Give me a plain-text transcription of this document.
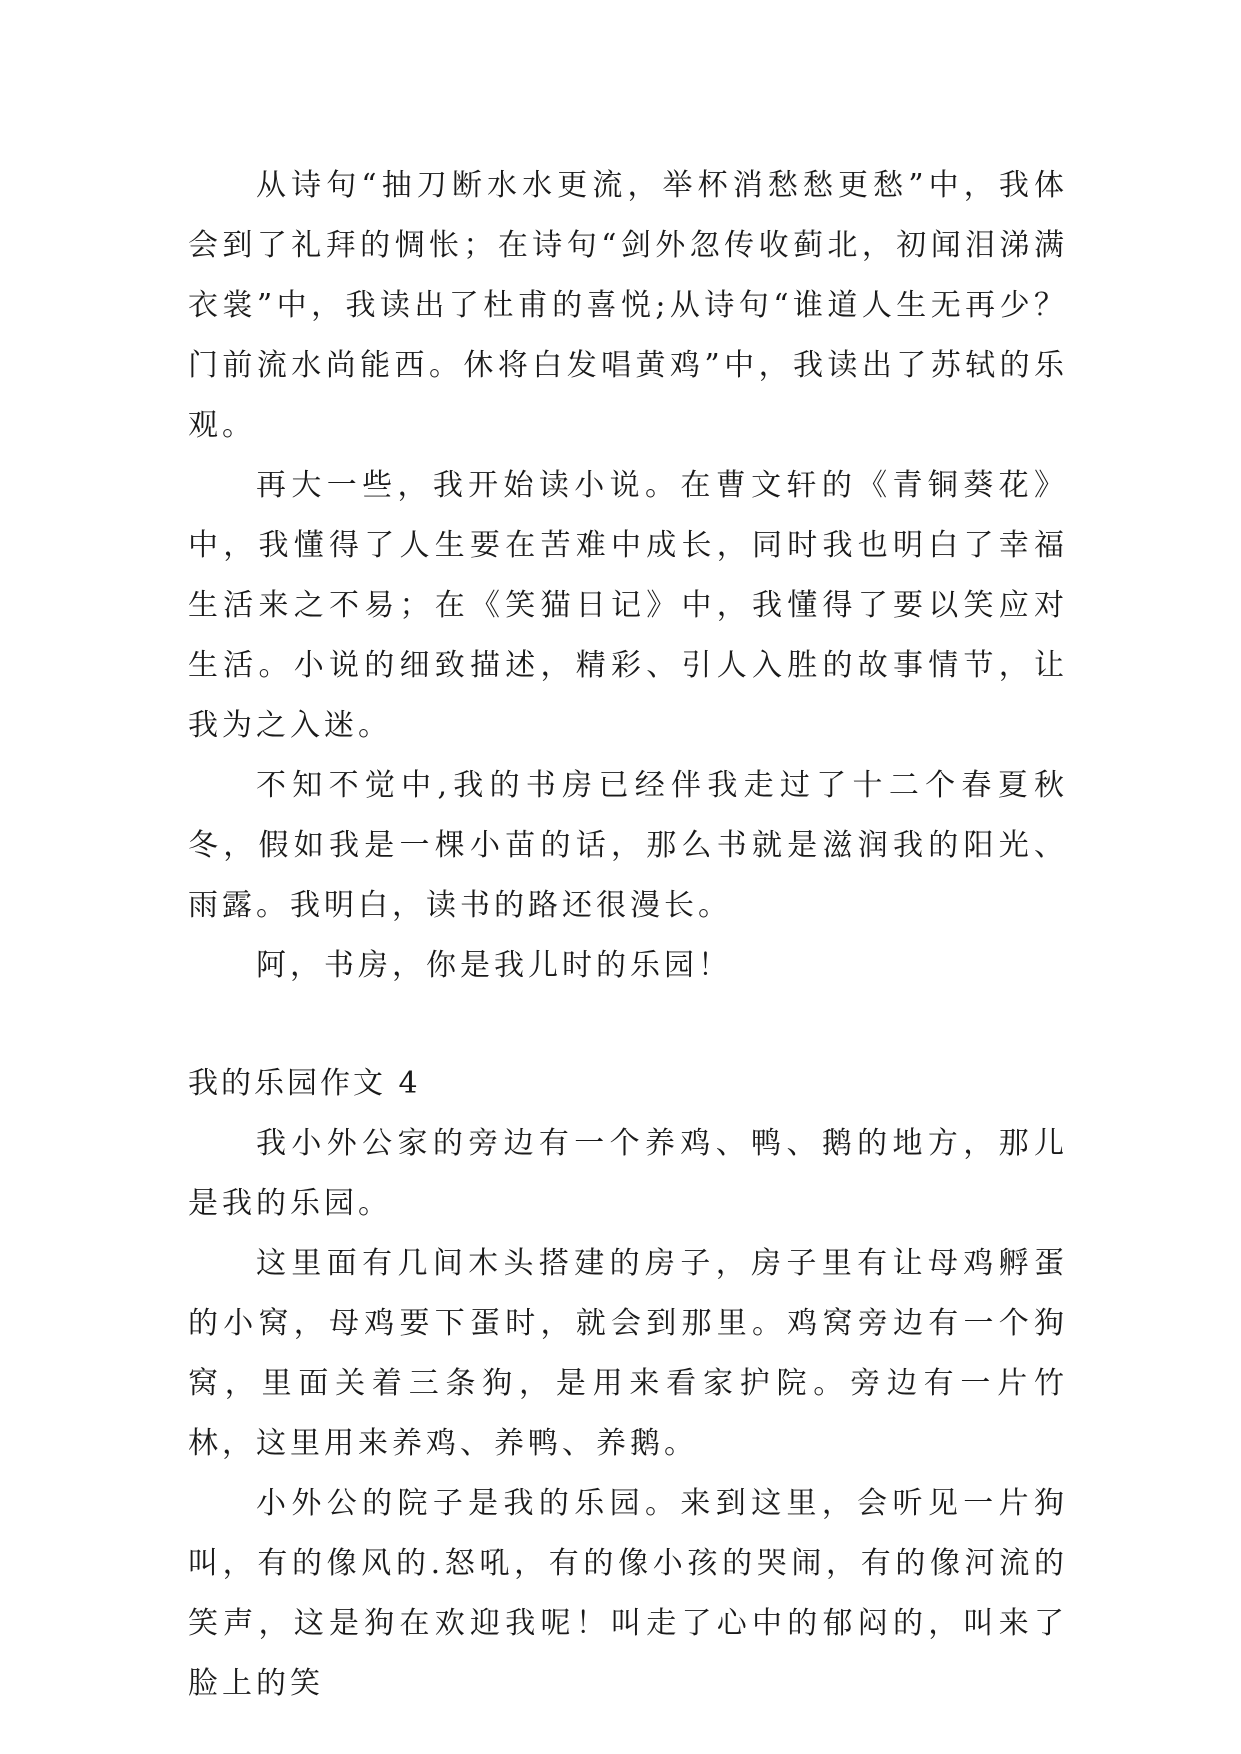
从诗句“抽刀断水水更流，举杯消愁愁更愁”中，我体会到了礼拜的惆怅；在诗句“剑外忽传收蓟北，初闻泪涕满衣裳”中，我读出了杜甫的喜悦;从诗句“谁道人生无再少？门前流水尚能西。休将白发唱黄鸡”中，我读出了苏轼的乐观。

再大一些，我开始读小说。在曹文轩的《青铜葵花》中，我懂得了人生要在苦难中成长，同时我也明白了幸福生活来之不易；在《笑猫日记》中，我懂得了要以笑应对生活。小说的细致描述，精彩、引人入胜的故事情节，让我为之入迷。

不知不觉中,我的书房已经伴我走过了十二个春夏秋冬，假如我是一棵小苗的话，那么书就是滋润我的阳光、雨露。我明白，读书的路还很漫长。

阿，书房，你是我儿时的乐园！

我的乐园作文 4

我小外公家的旁边有一个养鸡、鸭、鹅的地方，那儿是我的乐园。

这里面有几间木头搭建的房子，房子里有让母鸡孵蛋的小窝，母鸡要下蛋时，就会到那里。鸡窝旁边有一个狗窝，里面关着三条狗，是用来看家护院。旁边有一片竹林，这里用来养鸡、养鸭、养鹅。

小外公的院子是我的乐园。来到这里，会听见一片狗叫，有的像风的.怒吼，有的像小孩的哭闹，有的像河流的笑声，这是狗在欢迎我呢！叫走了心中的郁闷的，叫来了脸上的笑
